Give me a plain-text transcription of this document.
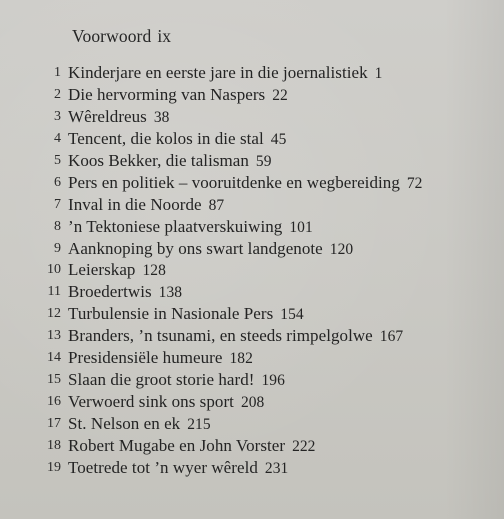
Voorwoord ix
1 Kinderjare en eerste jare in die joernalistiek 1
2 Die hervorming van Naspers 22
3 Wêreldreus 38
4 Tencent, die kolos in die stal 45
5 Koos Bekker, die talisman 59
6 Pers en politiek – vooruitdenke en wegbereiding 72
7 Inval in die Noorde 87
8 ’n Tektoniese plaatverskuiwing 101
9 Aanknoping by ons swart landgenote 120
10 Leierskap 128
11 Broedertwis 138
12 Turbulensie in Nasionale Pers 154
13 Branders, ’n tsunami, en steeds rimpelgolwe 167
14 Presidensiële humeure 182
15 Slaan die groot storie hard! 196
16 Verwoerd sink ons sport 208
17 St. Nelson en ek 215
18 Robert Mugabe en John Vorster 222
19 Toetrede tot ’n wyer wêreld 231
